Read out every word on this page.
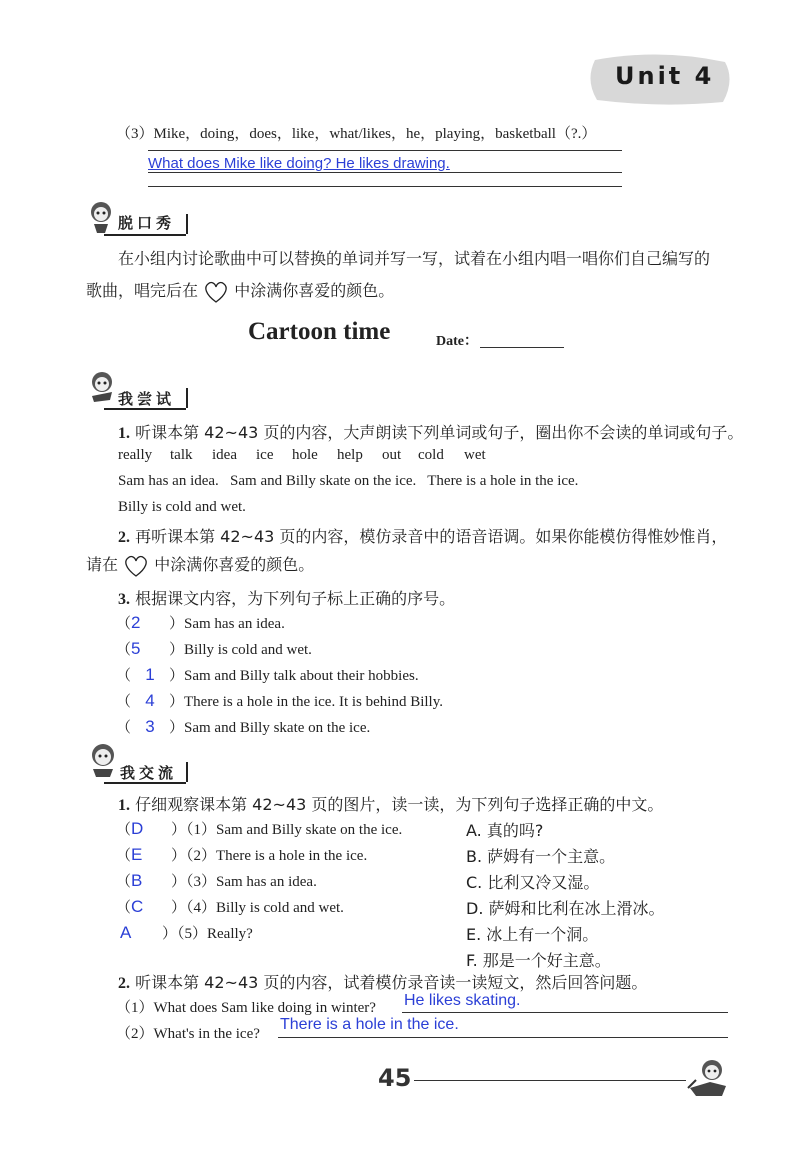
Unit 4
（3）Mike，doing，does，like，what/likes，he，playing，basketball（?.）
What does Mike like doing? He likes drawing.
脱口秀
在小组内讨论歌曲中可以替换的单词并写一写，试着在小组内唱一唱你们自己编写的
歌曲，唱完后在 中涂满你喜爱的颜色。
Cartoon time	Date：
我尝试
1. 听课本第 42~43 页的内容，大声朗读下列单词或句子，圈出你不会读的单词或句子。
really talk idea ice hole help out cold wet
Sam has an idea.   Sam and Billy skate on the ice.   There is a hole in the ice.
Billy is cold and wet.
2. 再听课本第 42~43 页的内容，模仿录音中的语音语调。如果你能模仿得惟妙惟肖，
请在 中涂满你喜爱的颜色。
3. 根据课文内容，为下列句子标上正确的序号。
（2 ）Sam has an idea.
（5 ）Billy is cold and wet.
（ 1 ）Sam and Billy talk about their hobbies.
（ 4 ）There is a hole in the ice. It is behind Billy.
（ 3 ）Sam and Billy skate on the ice.
我交流
1. 仔细观察课本第 42~43 页的图片，读一读，为下列句子选择正确的中文。
（D ）（1）Sam and Billy skate on the ice.
（E ）（2）There is a hole in the ice.
（B ）（3）Sam has an idea.
（C ）（4）Billy is cold and wet.
A ）（5）Really?
A. 真的吗?
B. 萨姆有一个主意。
C. 比利又冷又湿。
D. 萨姆和比利在冰上滑冰。
E. 冰上有一个洞。
F. 那是一个好主意。
2. 听课本第 42~43 页的内容，试着模仿录音读一读短文，然后回答问题。
（1）What does Sam like doing in winter? He likes skating.
（2）What's in the ice?
There is a hole in the ice.
45
